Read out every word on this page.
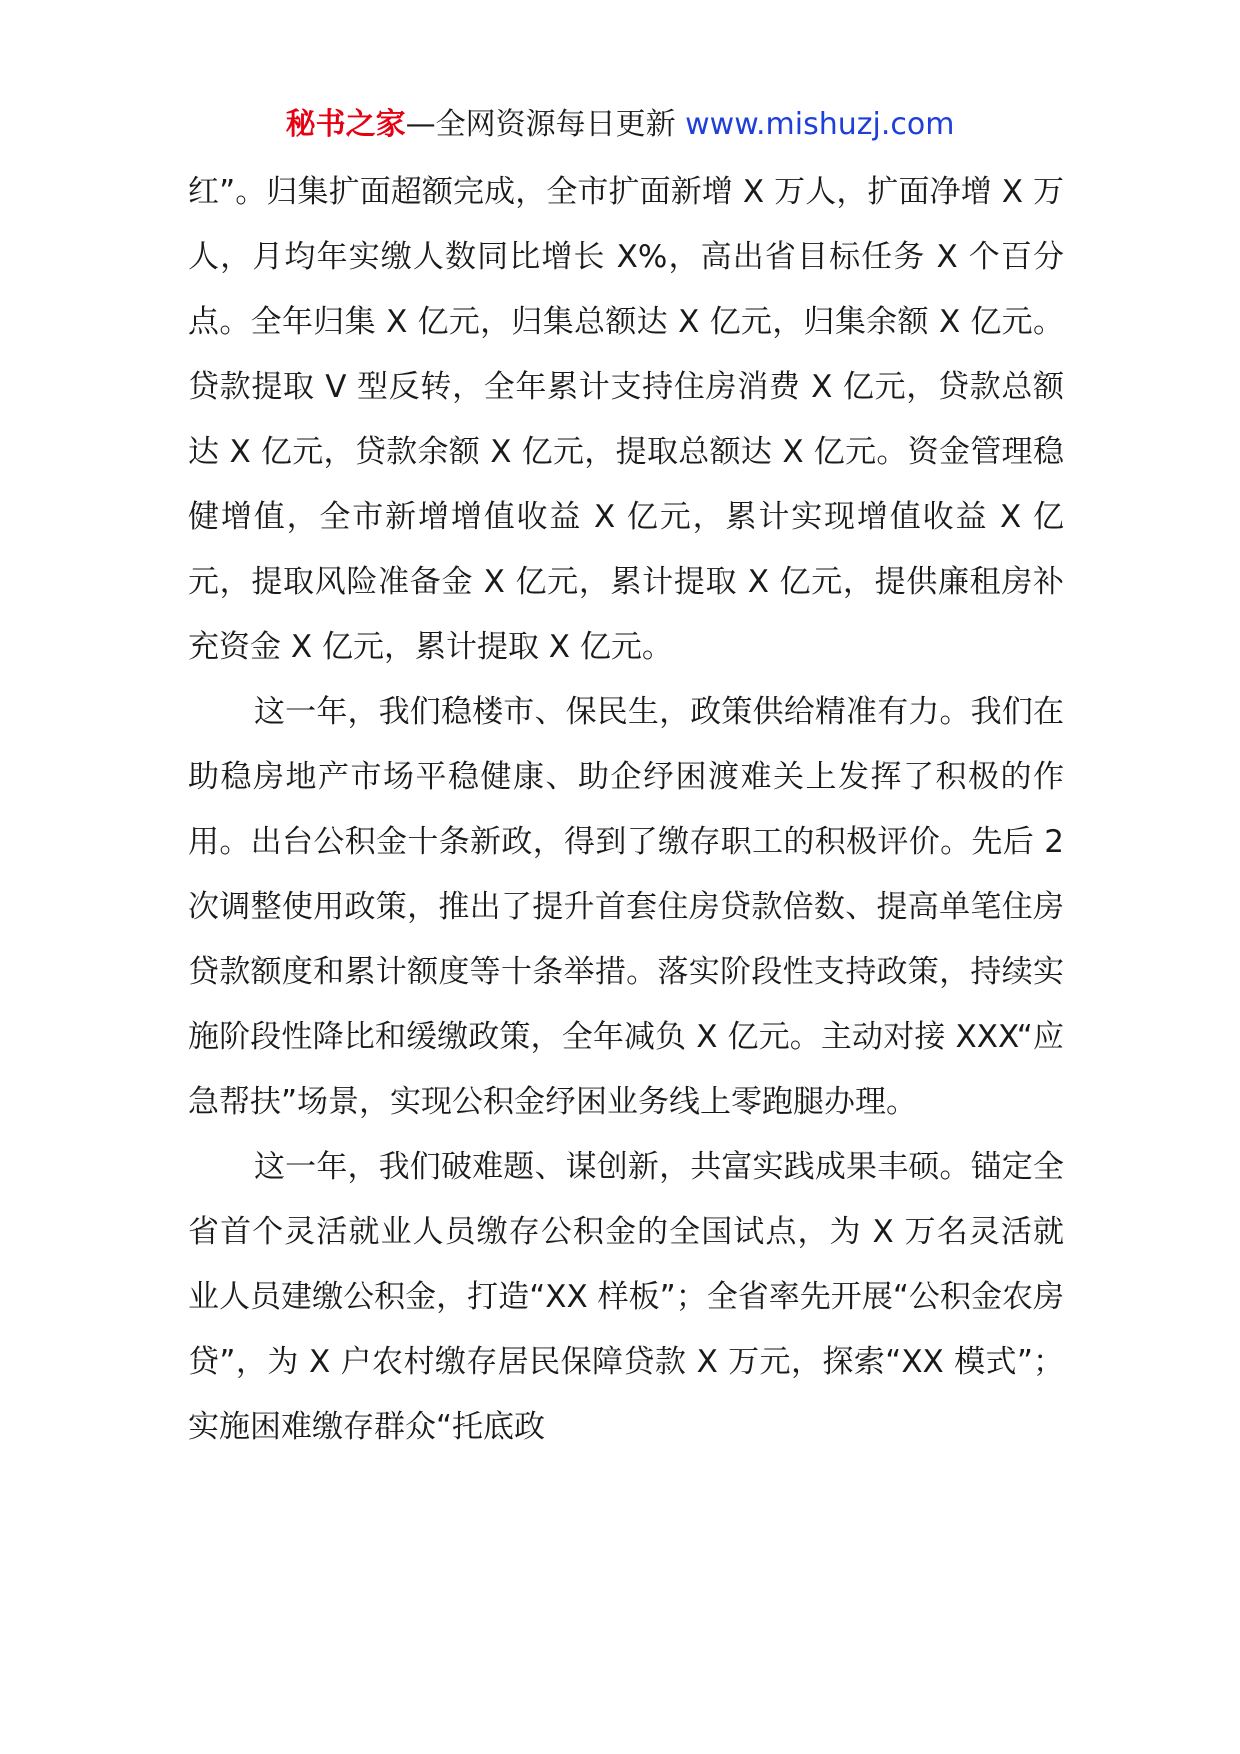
秘书之家—全网资源每日更新 www.mishuzj.com

红”。归集扩面超额完成，全市扩面新增 X 万人，扩面净增 X 万人，月均年实缴人数同比增长 X%，高出省目标任务 X 个百分点。全年归集 X 亿元，归集总额达 X 亿元，归集余额 X 亿元。贷款提取 V 型反转，全年累计支持住房消费 X 亿元，贷款总额达 X 亿元，贷款余额 X 亿元，提取总额达 X 亿元。资金管理稳健增值，全市新增增值收益 X 亿元，累计实现增值收益 X 亿元，提取风险准备金 X 亿元，累计提取 X 亿元，提供廉租房补充资金 X 亿元，累计提取 X 亿元。

这一年，我们稳楼市、保民生，政策供给精准有力。我们在助稳房地产市场平稳健康、助企纾困渡难关上发挥了积极的作用。出台公积金十条新政，得到了缴存职工的积极评价。先后 2 次调整使用政策，推出了提升首套住房贷款倍数、提高单笔住房贷款额度和累计额度等十条举措。落实阶段性支持政策，持续实施阶段性降比和缓缴政策，全年减负 X 亿元。主动对接 XXX“应急帮扶”场景，实现公积金纾困业务线上零跑腿办理。

这一年，我们破难题、谋创新，共富实践成果丰硕。锚定全省首个灵活就业人员缴存公积金的全国试点，为 X 万名灵活就业人员建缴公积金，打造“XX 样板”；全省率先开展“公积金农房贷”，为 X 户农村缴存居民保障贷款 X 万元，探索“XX 模式”；实施困难缴存群众“托底政
